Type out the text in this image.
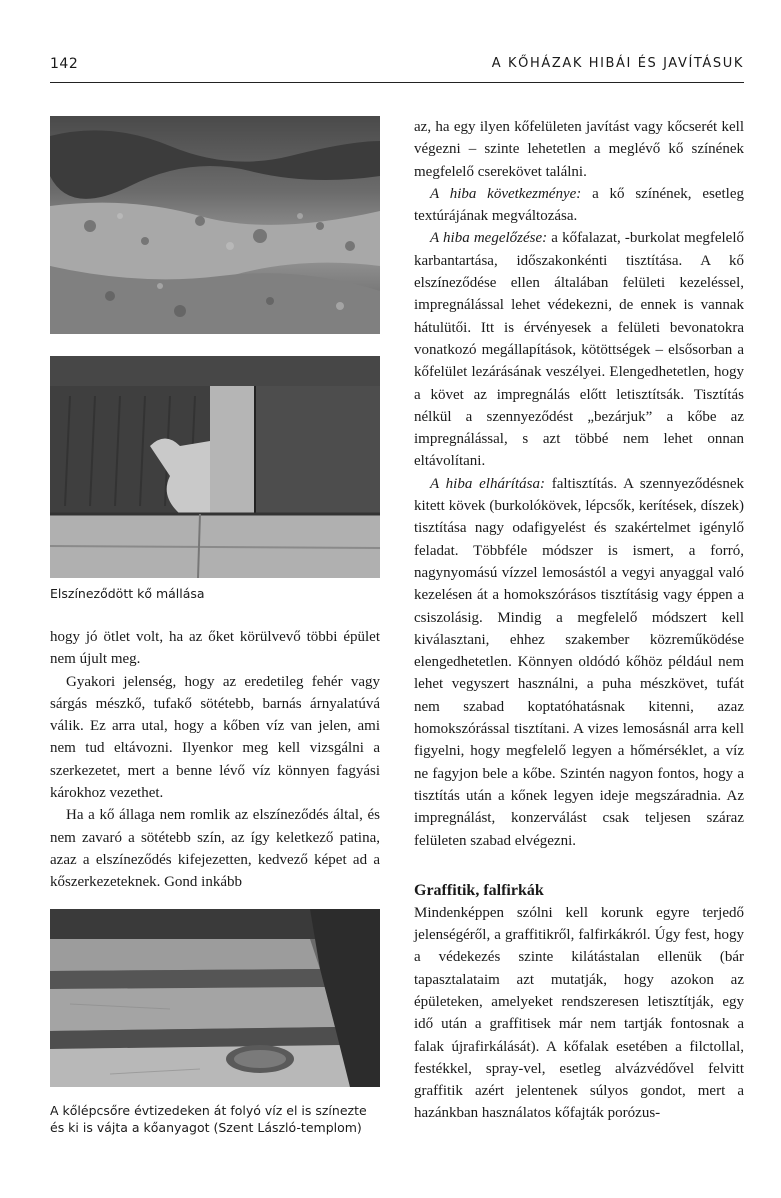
142	A KŐHÁZAK HIBÁI ÉS JAVÍTÁSUK
Elszíneződött kő mállása

hogy jó ötlet volt, ha az őket körülvevő többi épület nem újult meg.

Gyakori jelenség, hogy az eredetileg fehér vagy sárgás mészkő, tufakő sötétebb, barnás árnyalatúvá válik. Ez arra utal, hogy a kőben víz van jelen, ami nem tud eltávozni. Ilyenkor meg kell vizsgálni a szerkezetet, mert a benne lévő víz könnyen fagyási károkhoz vezethet.

Ha a kő állaga nem romlik az elszíneződés által, és nem zavaró a sötétebb szín, az így keletkező patina, azaz a elszíneződés kifejezetten, kedvező képet ad a kőszerkezeteknek. Gond inkább

A kőlépcsőre évtizedeken át folyó víz el is színezte
és ki is vájta a kőanyagot (Szent László-templom)

az, ha egy ilyen kőfelületen javítást vagy kőcserét kell végezni – szinte lehetetlen a meglévő kő színének megfelelő cserekövet találni.

A hiba következménye: a kő színének, esetleg textúrájának megváltozása.

A hiba megelőzése: a kőfalazat, -burkolat megfelelő karbantartása, időszakonkénti tisztítása. A kő elszíneződése ellen általában felületi kezeléssel, impregnálással lehet védekezni, de ennek is vannak hátulütői. Itt is érvényesek a felületi bevonatokra vonatkozó megállapítások, kötöttségek – elsősorban a kőfelület lezárásának veszélyei. Elengedhetetlen, hogy a követ az impregnálás előtt letisztítsák. Tisztítás nélkül a szennyeződést „bezárjuk” a kőbe az impregnálással, s azt többé nem lehet onnan eltávolítani.

A hiba elhárítása: faltisztítás. A szennyeződésnek kitett kövek (burkolókövek, lépcsők, kerítések, díszek) tisztítása nagy odafigyelést és szakértelmet igénylő feladat. Többféle módszer is ismert, a forró, nagynyomású vízzel lemosástól a vegyi anyaggal való kezelésen át a homokszórásos tisztításig vagy éppen a csiszolásig. Mindig a megfelelő módszert kell kiválasztani, ehhez szakember közreműködése elengedhetetlen. Könnyen oldódó kőhöz például nem lehet vegyszert használni, a puha mészkövet, tufát nem szabad koptatóhatásnak kitenni, azaz homokszórással tisztítani. A vizes lemosásnál arra kell figyelni, hogy megfelelő legyen a hőmérséklet, a víz ne fagyjon bele a kőbe. Szintén nagyon fontos, hogy a tisztítás után a kőnek legyen ideje megszáradnia. Az impregnálást, konzerválást csak teljesen száraz felületen szabad elvégezni.

Graffitik, falfirkák

Mindenképpen szólni kell korunk egyre terjedő jelenségéről, a graffitikről, falfirkákról. Úgy fest, hogy a védekezés szinte kilátástalan ellenük (bár tapasztalataim azt mutatják, hogy azokon az épületeken, amelyeket rendszeresen letisztítják, egy idő után a graffitisek már nem tartják fontosnak a falak újrafirkálását). A kőfalak esetében a filctollal, festékkel, spray-vel, esetleg alvázvédővel felvitt graffitik azért jelentenek súlyos gondot, mert a hazánkban használatos kőfajták porózus-
